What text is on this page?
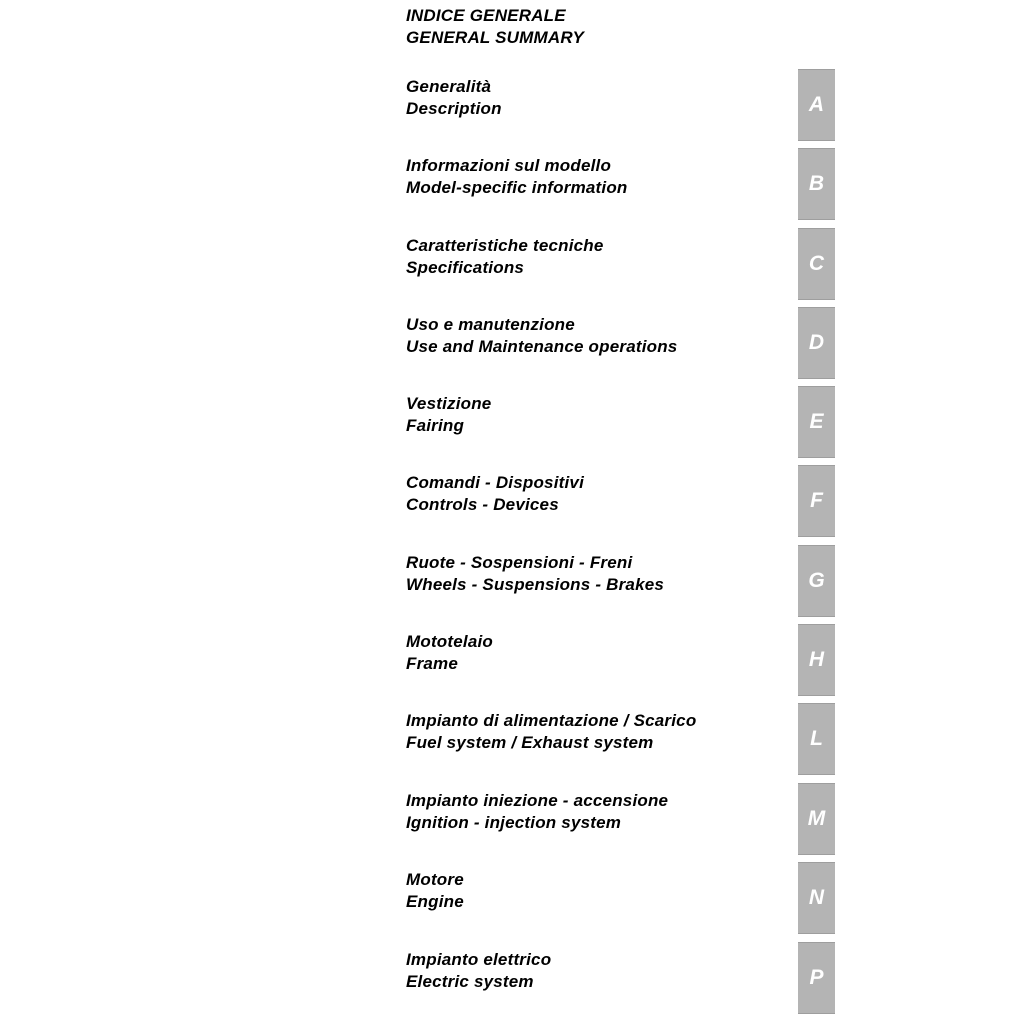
INDICE GENERALE
GENERAL SUMMARY
Generalità
Description	A
Informazioni sul modello
Model-specific information	B
Caratteristiche tecniche
Specifications	C
Uso e manutenzione
Use and Maintenance operations	D
Vestizione
Fairing	E
Comandi - Dispositivi
Controls - Devices	F
Ruote - Sospensioni - Freni
Wheels - Suspensions - Brakes	G
Mototelaio
Frame	H
Impianto di alimentazione / Scarico
Fuel system / Exhaust system	L
Impianto iniezione - accensione
Ignition - injection system	M
Motore
Engine	N
Impianto elettrico
Electric system	P
